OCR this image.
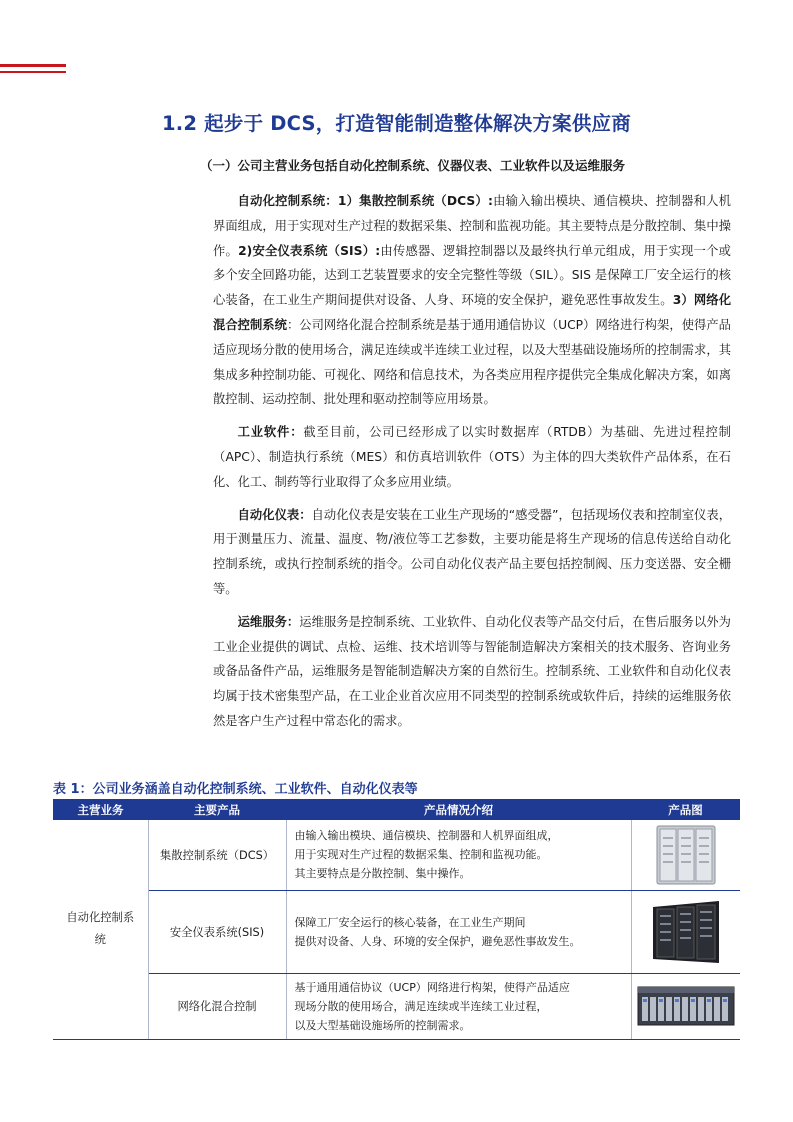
1.2 起步于 DCS，打造智能制造整体解决方案供应商

（一）公司主营业务包括自动化控制系统、仪器仪表、工业软件以及运维服务

自动化控制系统：1）集散控制系统（DCS）:由输入输出模块、通信模块、控制器和人机界面组成，用于实现对生产过程的数据采集、控制和监视功能。其主要特点是分散控制、集中操作。2)安全仪表系统（SIS）:由传感器、逻辑控制器以及最终执行单元组成，用于实现一个或多个安全回路功能，达到工艺装置要求的安全完整性等级（SIL）。SIS 是保障工厂安全运行的核心装备，在工业生产期间提供对设备、人身、环境的安全保护，避免恶性事故发生。3）网络化混合控制系统：公司网络化混合控制系统是基于通用通信协议（UCP）网络进行构架，使得产品适应现场分散的使用场合，满足连续或半连续工业过程，以及大型基础设施场所的控制需求，其集成多种控制功能、可视化、网络和信息技术，为各类应用程序提供完全集成化解决方案，如离散控制、运动控制、批处理和驱动控制等应用场景。

工业软件：截至目前，公司已经形成了以实时数据库（RTDB）为基础、先进过程控制（APC）、制造执行系统（MES）和仿真培训软件（OTS）为主体的四大类软件产品体系，在石化、化工、制药等行业取得了众多应用业绩。

自动化仪表：自动化仪表是安装在工业生产现场的“感受器”，包括现场仪表和控制室仪表，用于测量压力、流量、温度、物/液位等工艺参数，主要功能是将生产现场的信息传送给自动化控制系统，或执行控制系统的指令。公司自动化仪表产品主要包括控制阀、压力变送器、安全栅等。

运维服务：运维服务是控制系统、工业软件、自动化仪表等产品交付后，在售后服务以外为工业企业提供的调试、点检、运维、技术培训等与智能制造解决方案相关的技术服务、咨询业务或备品备件产品，运维服务是智能制造解决方案的自然衍生。控制系统、工业软件和自动化仪表均属于技术密集型产品，在工业企业首次应用不同类型的控制系统或软件后，持续的运维服务依然是客户生产过程中常态化的需求。

表 1：公司业务涵盖自动化控制系统、工业软件、自动化仪表等

主营业务	主要产品	产品情况介绍	产品图
自动化控制系统	集散控制系统（DCS）	由输入输出模块、通信模块、控制器和人机界面组成，
用于实现对生产过程的数据采集、控制和监视功能。
其主要特点是分散控制、集中操作。

	安全仪表系统(SIS)	保障工厂安全运行的核心装备，在工业生产期间
提供对设备、人身、环境的安全保护，避免恶性事故发生。

	网络化混合控制	基于通用通信协议（UCP）网络进行构架，使得产品适应
现场分散的使用场合，满足连续或半连续工业过程，
以及大型基础设施场所的控制需求。
